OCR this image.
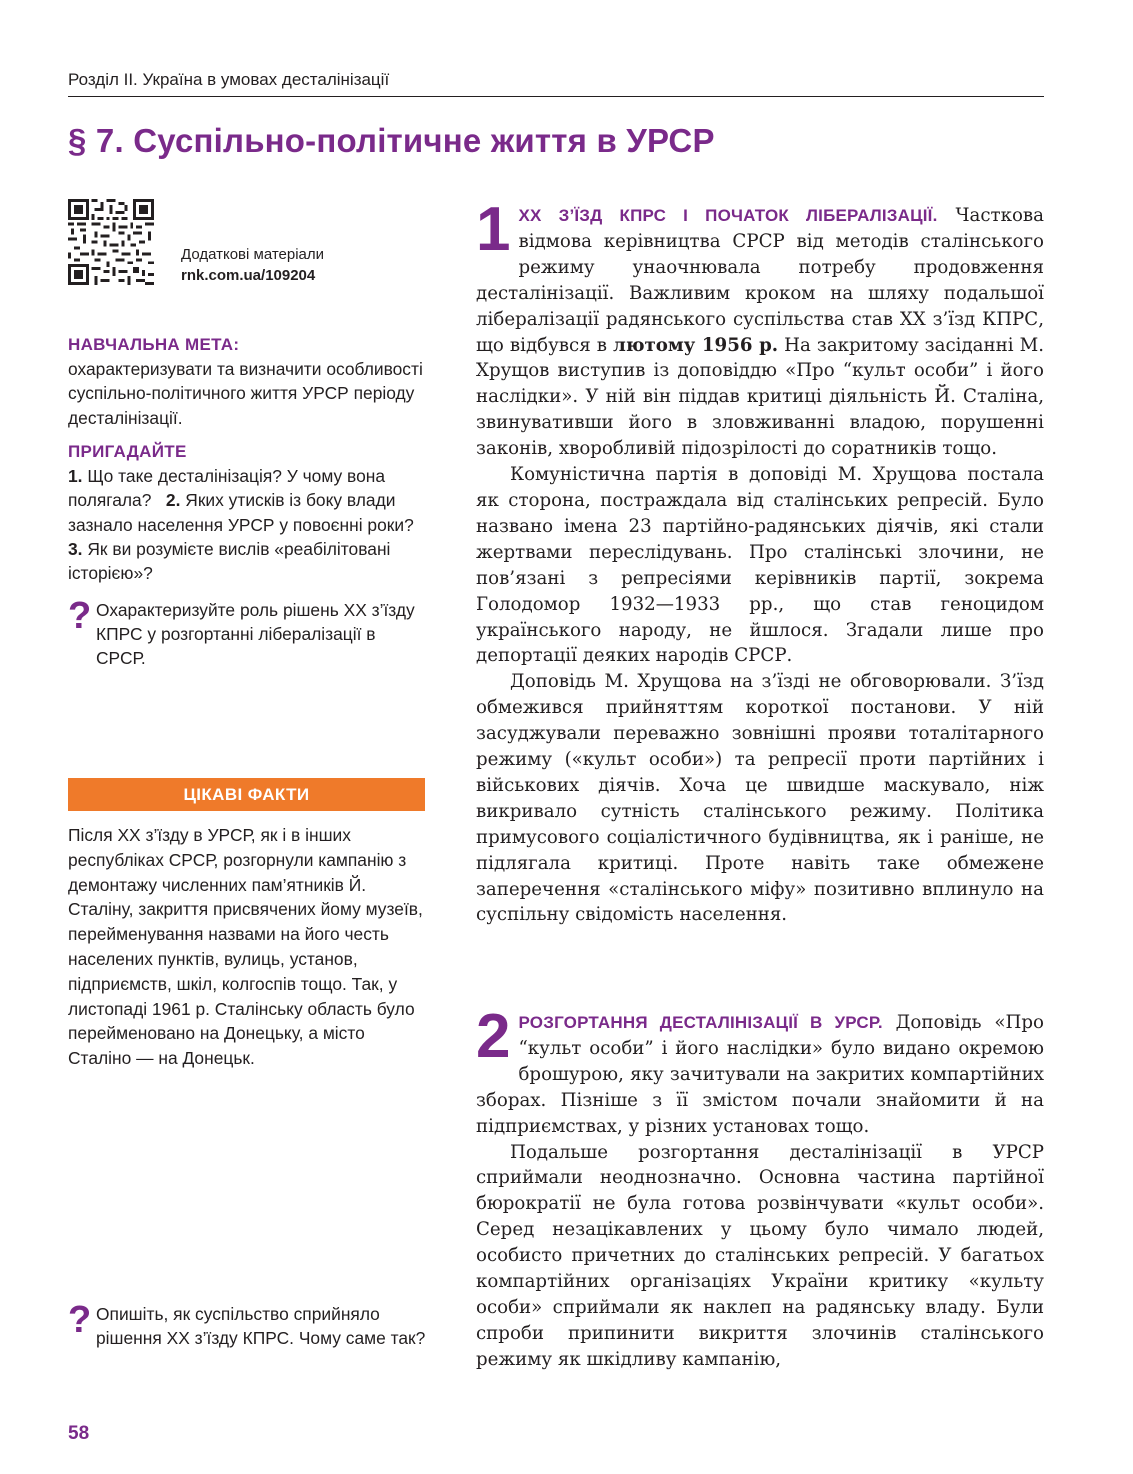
Розділ ІІ. Україна в умовах десталінізації
§ 7. Суспільно-політичне життя в УРСР
Додаткові матеріали

rnk.com.ua/109204
НАВЧАЛЬНА МЕТА:
охарактеризувати та визначити особливості суспільно-політичного життя УРСР періоду десталінізації.
ПРИГАДАЙТЕ
1. Що таке десталінізація? У чому вона полягала? 2. Яких утисків із боку влади зазнало населення УРСР у повоєнні роки?   3. Як ви розумієте вислів «реабілітовані історією»?
? Охарактеризуйте роль рішень XX з’їзду КПРС у розгортанні лібералізації в СРСР.
ЦІКАВІ ФАКТИ
Після XX з’їзду в УРСР, як і в інших республіках СРСР, розгорнули кампанію з демонтажу численних пам’ятників Й. Сталіну, закриття присвячених йому музеїв, перейменування назвами на його честь населених пунктів, вулиць, установ, підприємств, шкіл, колгоспів тощо. Так, у листопаді 1961 р. Сталінську область було перейменовано на Донецьку, а місто Сталіно — на Донецьк.
? Опишіть, як суспільство сприйняло рішення XX з’їзду КПРС. Чому саме так?
58

1 XX З’ЇЗД КПРС І ПОЧАТОК ЛІБЕРАЛІЗАЦІЇ. Часткова відмова керівництва СРСР від методів сталінського режиму унаочнювала потребу продовження десталінізації. Важливим кроком на шляху подальшої лібералізації радянського суспільства став XX з’їзд КПРС, що відбувся в лютому 1956 р. На закритому засіданні М. Хрущов виступив із доповіддю «Про “культ особи” і його наслідки». У ній він піддав критиці діяльність Й. Сталіна, звинувативши його в зловживанні владою, порушенні законів, хворобливій підозрілості до соратників тощо.

Комуністична партія в доповіді М. Хрущова постала як сторона, постраждала від сталінських репресій. Було названо імена 23 партійно-радянських діячів, які стали жертвами переслідувань. Про сталінські злочини, не пов’язані з репресіями керівників партії, зокрема Голодомор 1932—1933 рр., що став геноцидом українського народу, не йшлося. Згадали лише про депортації деяких народів СРСР.

Доповідь М. Хрущова на з’їзді не обговорювали. З’їзд обмежився прийняттям короткої постанови. У ній засуджували переважно зовнішні прояви тоталітарного режиму («культ особи») та репресії проти партійних і військових діячів. Хоча це швидше маскувало, ніж викривало сутність сталінського режиму. Політика примусового соціалістичного будівництва, як і раніше, не підлягала критиці. Проте навіть таке обмежене заперечення «сталінського міфу» позитивно вплинуло на суспільну свідомість населення.

2 РОЗГОРТАННЯ ДЕСТАЛІНІЗАЦІЇ В УРСР. Доповідь «Про “культ особи” і його наслідки» було видано окремою брошурою, яку зачитували на закритих компартійних зборах. Пізніше з її змістом почали знайомити й на підприємствах, у різних установах тощо.

Подальше розгортання десталінізації в УРСР сприймали неоднозначно. Основна частина партійної бюрократії не була готова розвінчувати «культ особи». Серед незацікавлених у цьому було чимало людей, особисто причетних до сталінських репресій. У багатьох компартійних організаціях України критику «культу особи» сприймали як наклеп на радянську владу. Були спроби припинити викриття злочинів сталінського режиму як шкідливу кампанію,
